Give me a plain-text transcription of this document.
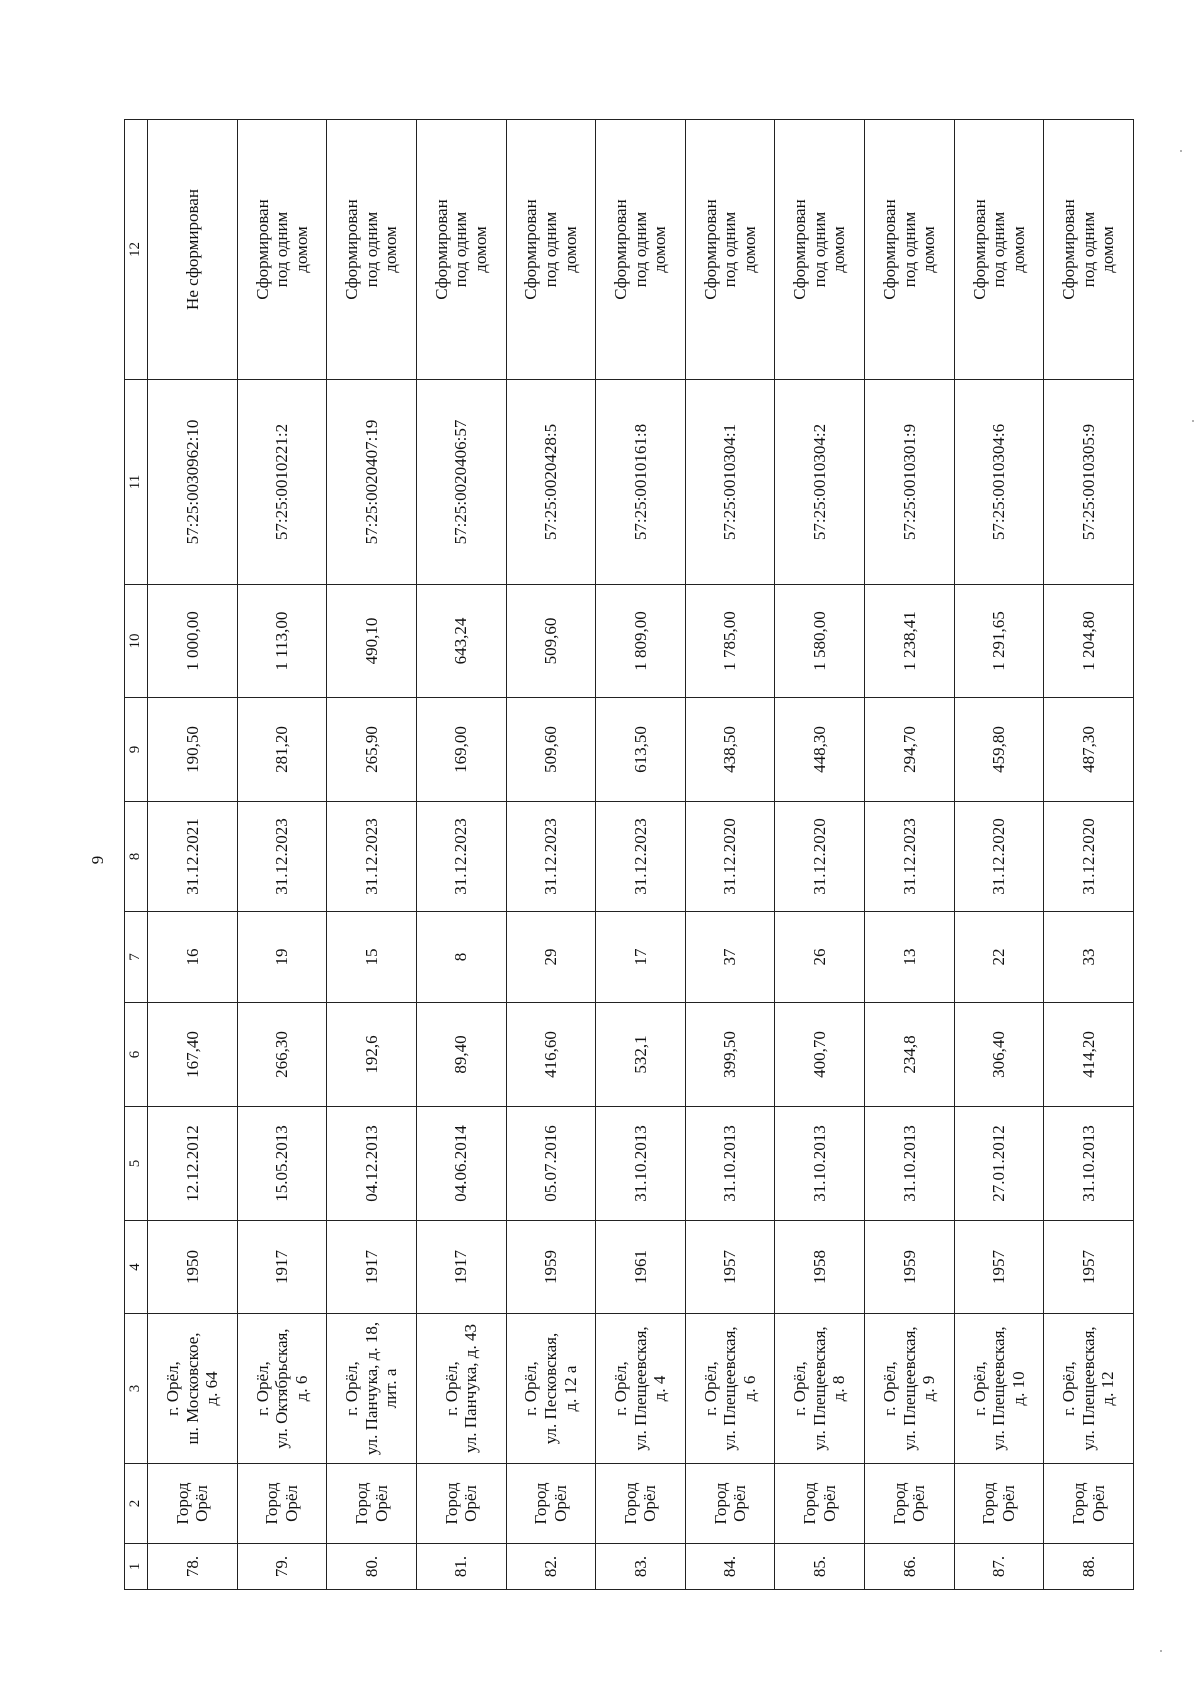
9
1	2	3	4	5	6	7	8	9	10	11	12
78.	Город Орёл	г. Орёл, ш. Московское, д. 64	1950	12.12.2012	167,40	16	31.12.2021	190,50	1 000,00	57:25:0030962:10	Не сформирован

79.	Город Орёл	г. Орёл, ул. Октябрьская, д. 6	1917	15.05.2013	266,30	19	31.12.2023	281,20	1 113,00	57:25:0010221:2	Сформирован под одним домом

80.	Город Орёл	г. Орёл, ул. Панчука, д. 18, лит. а	1917	04.12.2013	192,6	15	31.12.2023	265,90	490,10	57:25:0020407:19	Сформирован под одним домом

81.	Город Орёл	г. Орёл, ул. Панчука, д. 43	1917	04.06.2014	89,40	8	31.12.2023	169,00	643,24	57:25:0020406:57	Сформирован под одним домом

82.	Город Орёл	г. Орёл, ул. Песковская, д. 12 а	1959	05.07.2016	416,60	29	31.12.2023	509,60	509,60	57:25:0020428:5	Сформирован под одним домом

83.	Город Орёл	г. Орёл, ул. Плещеевская, д. 4	1961	31.10.2013	532,1	17	31.12.2023	613,50	1 809,00	57:25:0010161:8	Сформирован под одним домом

84.	Город Орёл	г. Орёл, ул. Плещеевская, д. 6	1957	31.10.2013	399,50	37	31.12.2020	438,50	1 785,00	57:25:0010304:1	Сформирован под одним домом

85.	Город Орёл	г. Орёл, ул. Плещеевская, д. 8	1958	31.10.2013	400,70	26	31.12.2020	448,30	1 580,00	57:25:0010304:2	Сформирован под одним домом

86.	Город Орёл	г. Орёл, ул. Плещеевская, д. 9	1959	31.10.2013	234,8	13	31.12.2023	294,70	1 238,41	57:25:0010301:9	Сформирован под одним домом

87.	Город Орёл	г. Орёл, ул. Плещеевская, д. 10	1957	27.01.2012	306,40	22	31.12.2020	459,80	1 291,65	57:25:0010304:6	Сформирован под одним домом

88.	Город Орёл	г. Орёл, ул. Плещеевская, д. 12	1957	31.10.2013	414,20	33	31.12.2020	487,30	1 204,80	57:25:0010305:9	Сформирован под одним домом
